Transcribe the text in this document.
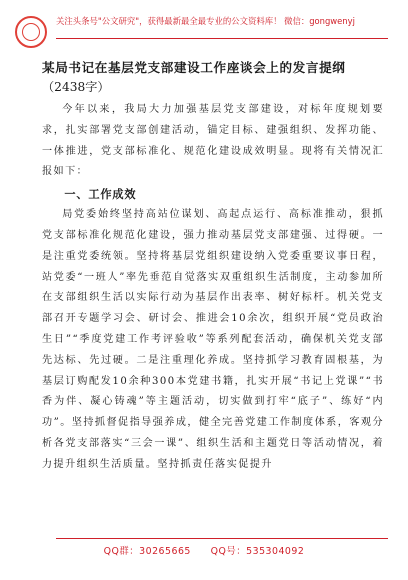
关注头条号"公文研究"，获得最新最全最专业的公文资料库！ 微信：gongwenyj
某局书记在基层党支部建设工作座谈会上的发言提纲
（2438字）

今年以来，我局大力加强基层党支部建设，对标年度规划要求，扎实部署党支部创建活动，锚定目标、建强组织、发挥功能、一体推进，党支部标准化、规范化建设成效明显。现将有关情况汇报如下：

一、工作成效

局党委始终坚持高站位谋划、高起点运行、高标准推动，狠抓党支部标准化规范化建设，强力推动基层党支部建强、过得硬。一是注重党委统领。坚持将基层党组织建设纳入党委重要议事日程，站党委“一班人”率先垂范自觉落实双重组织生活制度，主动参加所在支部组织生活以实际行动为基层作出表率、树好标杆。机关党支部召开专题学习会、研讨会、推进会10余次，组织开展“党员政治生日”“季度党建工作考评验收”等系列配套活动，确保机关党支部先达标、先过硬。二是注重理化养成。坚持抓学习教育固根基，为基层订购配发10余种300本党建书籍，扎实开展“书记上党课”“书香为伴、凝心铸魂”等主题活动，切实做到打牢“底子”、练好“内功”。坚持抓督促指导强养成，健全完善党建工作制度体系，客观分析各党支部落实“三会一课”、组织生活和主题党日等活动情况，着力提升组织生活质量。坚持抓责任落实促提升

QQ群：30265665　　QQ号：535304092
